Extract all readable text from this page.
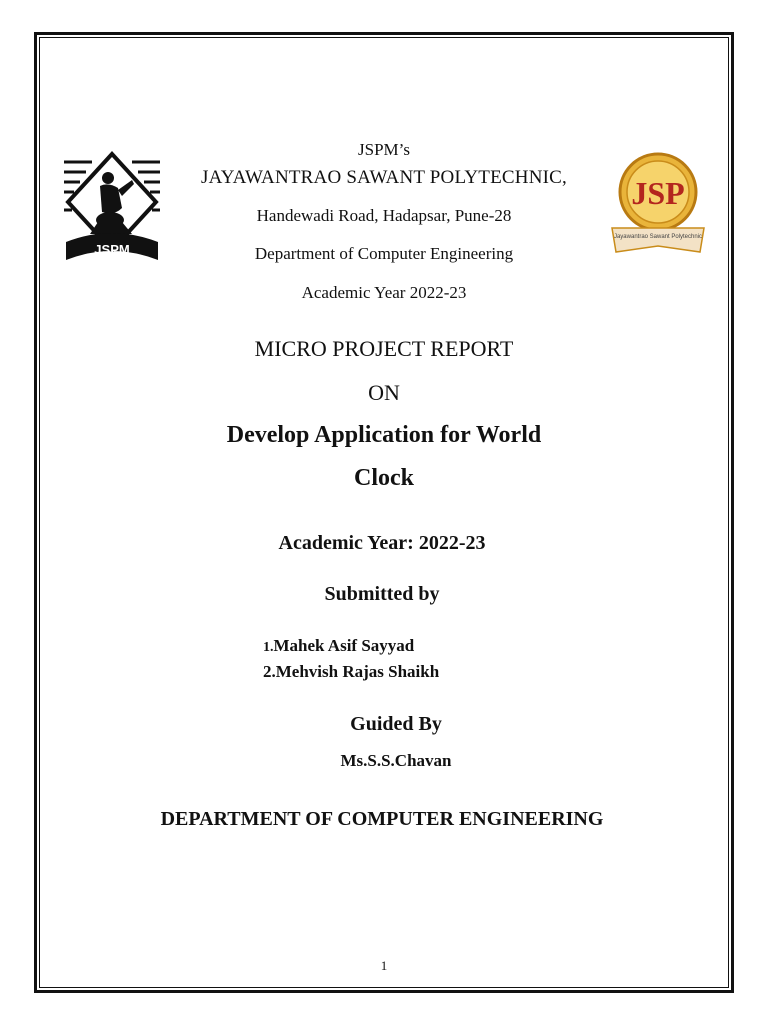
JSPM
JSP
Jayawantrao Sawant Polytechnic
JSPM’s
JAYAWANTRAO SAWANT POLYTECHNIC,
Handewadi Road, Hadapsar, Pune-28
Department of Computer Engineering
Academic Year 2022-23
MICRO PROJECT REPORT
ON
Develop Application for World
Clock
Academic Year: 2022-23
Submitted by
1.Mahek Asif Sayyad
2.Mehvish Rajas Shaikh
Guided By
Ms.S.S.Chavan
DEPARTMENT OF COMPUTER ENGINEERING
1
